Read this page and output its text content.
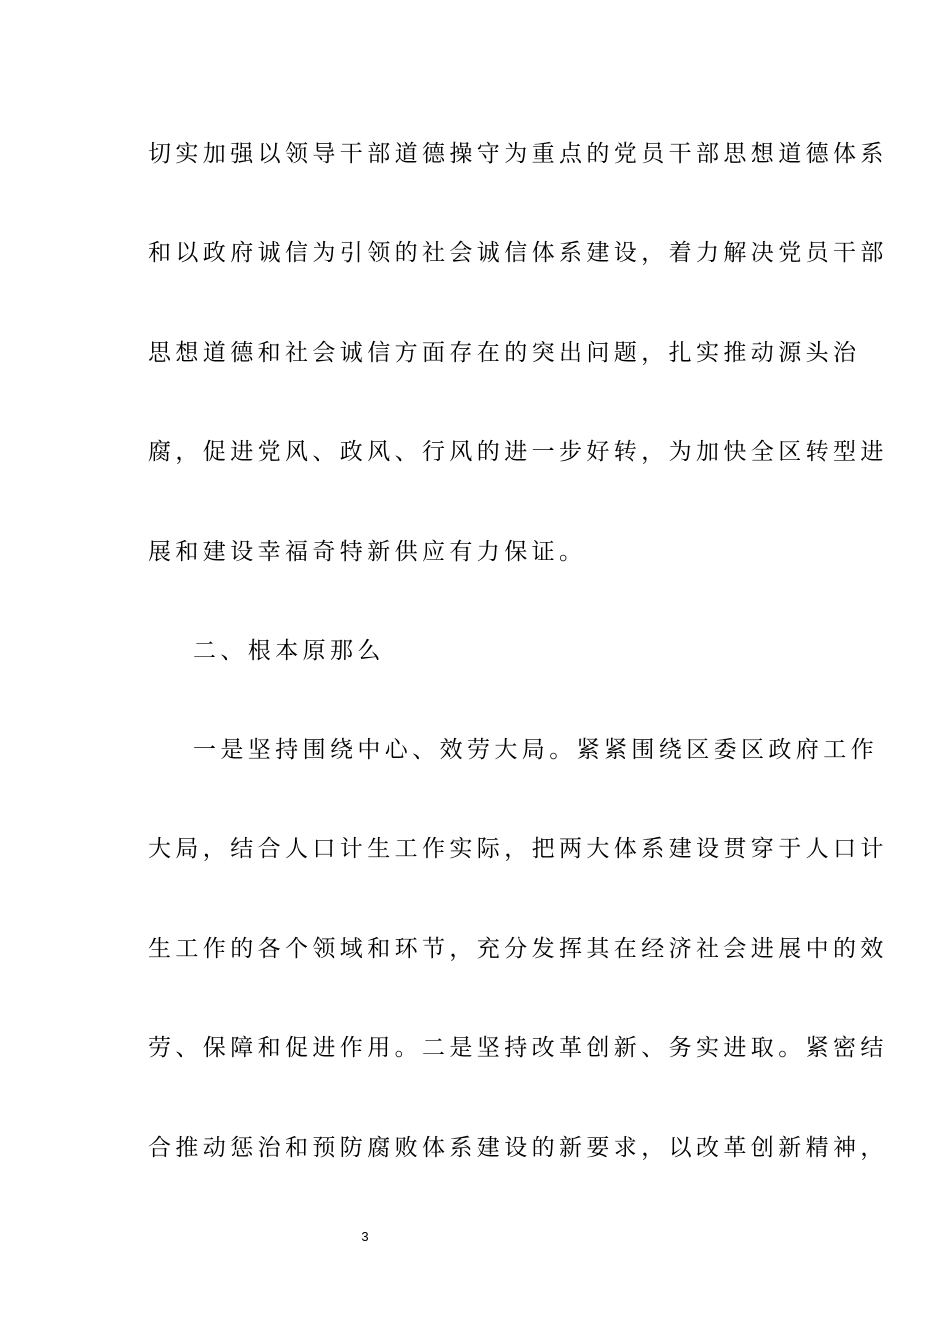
切实加强以领导干部道德操守为重点的党员干部思想道德体系
和以政府诚信为引领的社会诚信体系建设，着力解决党员干部
思想道德和社会诚信方面存在的突出问题，扎实推动源头治
腐，促进党风、政风、行风的进一步好转，为加快全区转型进
展和建设幸福奇特新供应有力保证。
二、根本原那么
一是坚持围绕中心、效劳大局。紧紧围绕区委区政府工作
大局，结合人口计生工作实际，把两大体系建设贯穿于人口计
生工作的各个领域和环节，充分发挥其在经济社会进展中的效
劳、保障和促进作用。二是坚持改革创新、务实进取。紧密结
合推动惩治和预防腐败体系建设的新要求，以改革创新精神，
3
